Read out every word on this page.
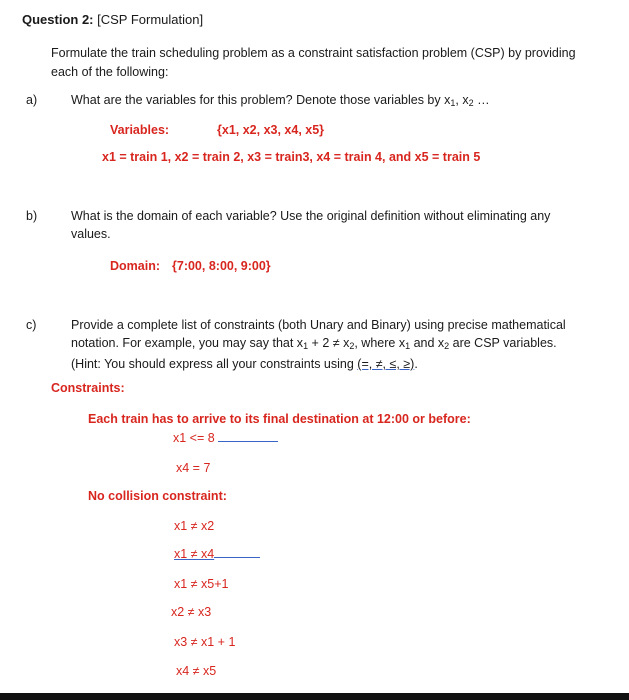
Question 2: [CSP Formulation]
Formulate the train scheduling problem as a constraint satisfaction problem (CSP) by providing each of the following:
a)	What are the variables for this problem? Denote those variables by $x_1$, $x_2$ …
Variables:	{x1, x2, x3, x4, x5}
x1 = train 1, x2 = train 2, x3 = train3, x4 = train 4, and x5 = train 5
b)	What is the domain of each variable? Use the original definition without eliminating any values.
Domain: {7:00, 8:00, 9:00}
c)	Provide a complete list of constraints (both Unary and Binary) using precise mathematical
notation. For example, you may say that $x_1 + 2 \ne x_2$, where $x_1$ and $x_2$ are CSP variables.
(Hint: You should express all your constraints using (=, ≠, ≤, ≥).
Constraints:
Each train has to arrive to its final destination at 12:00 or before:
x1 <= 8
x4 = 7
No collision constraint:
x1 ≠ x2
x1 ≠ x4
x1 ≠ x5+1
x2 ≠ x3
x3 ≠ x1 + 1
x4 ≠ x5
